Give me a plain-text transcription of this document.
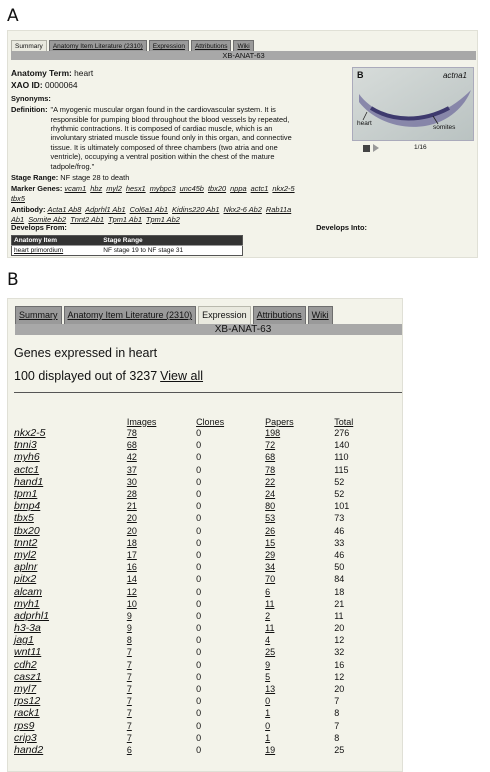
A
Summary	Anatomy Item Literature (2310)	Expression	Attributions	Wiki
XB-ANAT-63
Anatomy Term: heart
XAO ID: 0000064
Synonyms:
Definition: "A myogenic muscular organ found in the cardiovascular system. It is responsible for pumping blood throughout the blood vessels by repeated, rhythmic contractions. It is composed of cardiac muscle, which is an involuntary striated muscle tissue found only in this organ, and connective tissue. It is ultimately composed of three chambers (two atria and one ventricle), occupying a ventral position within the chest of the mature tadpole/frog."
Stage Range: NF stage 28 to death
Marker Genes: vcam1 hbz myl2 hesx1 mybpc3 unc45b tbx20 nppa actc1 nkx2-5 tbx5
Antibody: Acta1 Ab8 Adprhl1 Ab1 Col6a1 Ab1 Kidins220 Ab1 Nkx2-6 Ab2 Rab11a Ab1 Somite Ab2 Tnnt2 Ab1 Tpm1 Ab1 Tpm1 Ab2
Develops From:	Develops Into:
Anatomy Item	Stage Range
heart primordium	NF stage 19 to NF stage 31
B	actna1
heart
somites
1/16
B
Summary	Anatomy Item Literature (2310)	Expression	Attributions	Wiki
XB-ANAT-63
Genes expressed in heart
100 displayed out of 3237 View all
	Images	Clones	Papers	Total
nkx2-5	78	0	198	276
tnni3	68	0	72	140
myh6	42	0	68	110
actc1	37	0	78	115
hand1	30	0	22	52
tpm1	28	0	24	52
bmp4	21	0	80	101
tbx5	20	0	53	73
tbx20	20	0	26	46
tnnt2	18	0	15	33
myl2	17	0	29	46
aplnr	16	0	34	50
pitx2	14	0	70	84
alcam	12	0	6	18
myh1	10	0	11	21
adprhl1	9	0	2	11
h3-3a	9	0	11	20
jag1	8	0	4	12
wnt11	7	0	25	32
cdh2	7	0	9	16
casz1	7	0	5	12
myl7	7	0	13	20
rps12	7	0	0	7
rack1	7	0	1	8
rps9	7	0	0	7
crip3	7	0	1	8
hand2	6	0	19	25
